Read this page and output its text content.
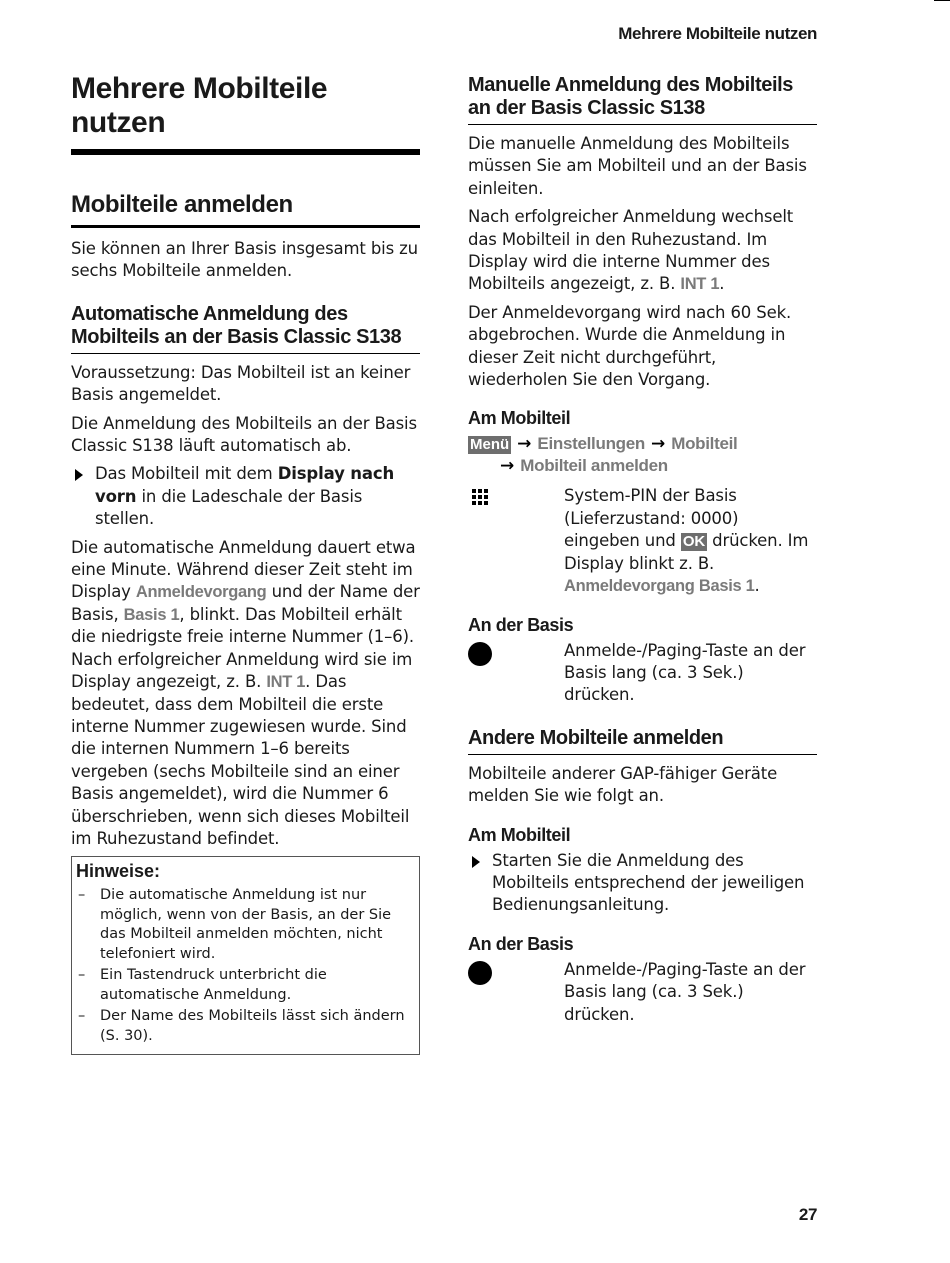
Mehrere Mobilteile nutzen
Mehrere Mobilteile nutzen
Mobilteile anmelden

Sie können an Ihrer Basis insgesamt bis zu sechs Mobilteile anmelden.

Automatische Anmeldung des Mobilteils an der Basis Classic S138

Voraussetzung: Das Mobilteil ist an keiner Basis angemeldet.

Die Anmeldung des Mobilteils an der Basis Classic S138 läuft automatisch ab.

Das Mobilteil mit dem Display nach vorn in die Ladeschale der Basis stellen.

Die automatische Anmeldung dauert etwa eine Minute. Während dieser Zeit steht im Display Anmeldevorgang und der Name der Basis, Basis 1, blinkt. Das Mobilteil erhält die niedrigste freie interne Nummer (1–6). Nach erfolgreicher Anmeldung wird sie im Display angezeigt, z. B. INT 1. Das bedeutet, dass dem Mobilteil die erste interne Nummer zugewiesen wurde. Sind die internen Nummern 1–6 bereits vergeben (sechs Mobilteile sind an einer Basis angemeldet), wird die Nummer 6 überschrieben, wenn sich dieses Mobilteil im Ruhezustand befindet.

Hinweise:
– Die automatische Anmeldung ist nur möglich, wenn von der Basis, an der Sie das Mobilteil anmelden möchten, nicht telefoniert wird.
– Ein Tastendruck unterbricht die automatische Anmeldung.
– Der Name des Mobilteils lässt sich ändern (S. 30).
Manuelle Anmeldung des Mobilteils an der Basis Classic S138

Die manuelle Anmeldung des Mobilteils müssen Sie am Mobilteil und an der Basis einleiten.

Nach erfolgreicher Anmeldung wechselt das Mobilteil in den Ruhezustand. Im Display wird die interne Nummer des Mobilteils angezeigt, z. B. INT 1.

Der Anmeldevorgang wird nach 60 Sek. abgebrochen. Wurde die Anmeldung in dieser Zeit nicht durchgeführt, wiederholen Sie den Vorgang.

Am Mobilteil
Menü → Einstellungen → Mobilteil
→ Mobilteil anmelden

System-PIN der Basis (Lieferzustand: 0000) eingeben und OK drücken. Im Display blinkt z. B. Anmeldevorgang Basis 1.

An der Basis

Anmelde-/Paging-Taste an der Basis lang (ca. 3 Sek.) drücken.

Andere Mobilteile anmelden

Mobilteile anderer GAP-fähiger Geräte melden Sie wie folgt an.

Am Mobilteil

Starten Sie die Anmeldung des Mobilteils entsprechend der jeweiligen Bedienungsanleitung.

An der Basis

Anmelde-/Paging-Taste an der Basis lang (ca. 3 Sek.) drücken.

27
